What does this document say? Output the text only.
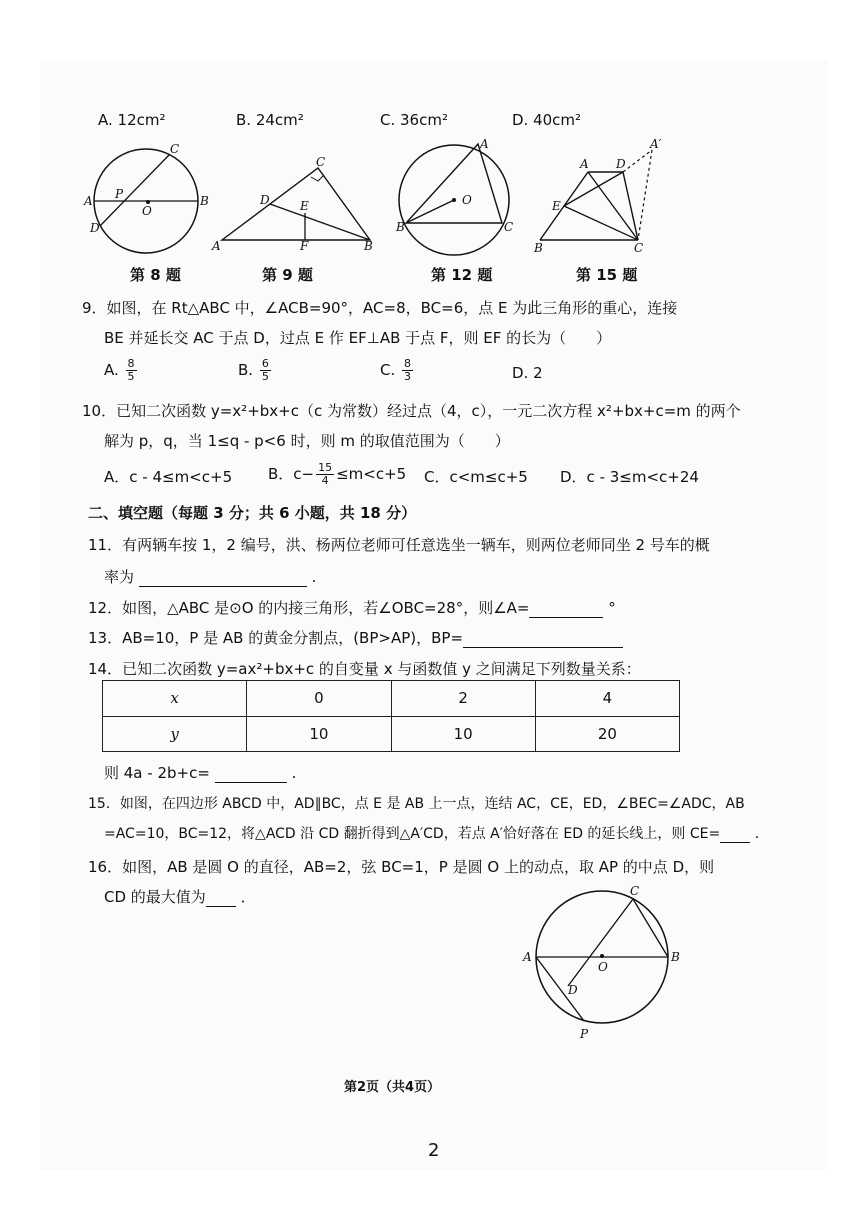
A. 12cm²	B. 24cm²	C. 36cm²	D. 40cm²
C
P
A
O
B
D
C
D	E
A	F	B
A
O
B	C
A D
A′
E
B	C
第 8 题	第 9 题	第 12 题	第 15 题
9．如图，在 Rt△ABC 中，∠ACB=90°，AC=8，BC=6，点 E 为此三角形的重心，连接
BE 并延长交 AC 于点 D，过点 E 作 EF⊥AB 于点 F，则 EF 的长为（　　）
A. $\frac{8}{5}$	B. $\frac{6}{5}$	C. $\frac{8}{3}$	D. 2
10．已知二次函数 y=x²+bx+c（c 为常数）经过点（4，c），一元二次方程 x²+bx+c=m 的两个
解为 p，q，当 1≤q - p<6 时，则 m 的取值范围为（　　）
A．c - 4≤m<c+5 B．$c- \frac{15}{4} \le m<c+5$ C．c<m≤c+5 D．c - 3≤m<c+24
二、填空题（每题 3 分；共 6 小题，共 18 分）
11．有两辆车按 1，2 编号，洪、杨两位老师可任意选坐一辆车，则两位老师同坐 2 号车的概
率为	.
12．如图，△ABC 是⊙O 的内接三角形，若∠OBC=28°，则∠A=	°
13．AB=10，P 是 AB 的黄金分割点，(BP>AP)，BP=
14．已知二次函数 y=ax²+bx+c 的自变量 x 与函数值 y 之间满足下列数量关系：
x	0	2	4
y	10	10	20
则 4a - 2b+c=	.
15．如图，在四边形 ABCD 中，AD∥BC，点 E 是 AB 上一点，连结 AC，CE，ED，∠BEC=∠ADC，AB
=AC=10，BC=12，将△ACD 沿 CD 翻折得到△A′CD，若点 A′恰好落在 ED 的延长线上，则 CE= ．
16．如图，AB 是圆 O 的直径，AB=2，弦 BC=1，P 是圆 O 上的动点，取 AP 的中点 D，则
CD 的最大值为 ．	C
A
O
B
D
P
第2页（共4页）
2
